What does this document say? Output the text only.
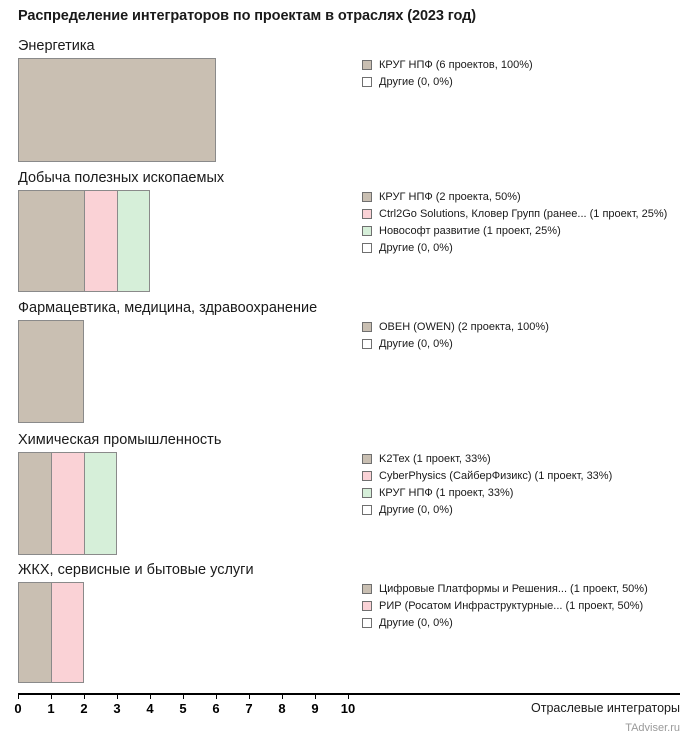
Распределение интеграторов по проектам в отраслях (2023 год)
Энергетика
КРУГ НПФ (6 проектов, 100%)
Другие (0, 0%)
Добыча полезных ископаемых
КРУГ НПФ (2 проекта, 50%)
Ctrl2Go Solutions, Кловер Групп (ранее... (1 проект, 25%)
Новософт развитие (1 проект, 25%)
Другие (0, 0%)
Фармацевтика, медицина, здравоохранение
ОВЕН (OWEN) (2 проекта, 100%)
Другие (0, 0%)
Химическая промышленность
K2Тех (1 проект, 33%)
CyberPhysics (СайберФизикс) (1 проект, 33%)
КРУГ НПФ (1 проект, 33%)
Другие (0, 0%)
ЖКХ, сервисные и бытовые услуги
Цифровые Платформы и Решения... (1 проект, 50%)
РИР (Росатом Инфраструктурные... (1 проект, 50%)
Другие (0, 0%)
0 1 2 3 4 5 6 7 8 9 10	Отраслевые интеграторы
TAdviser.ru
